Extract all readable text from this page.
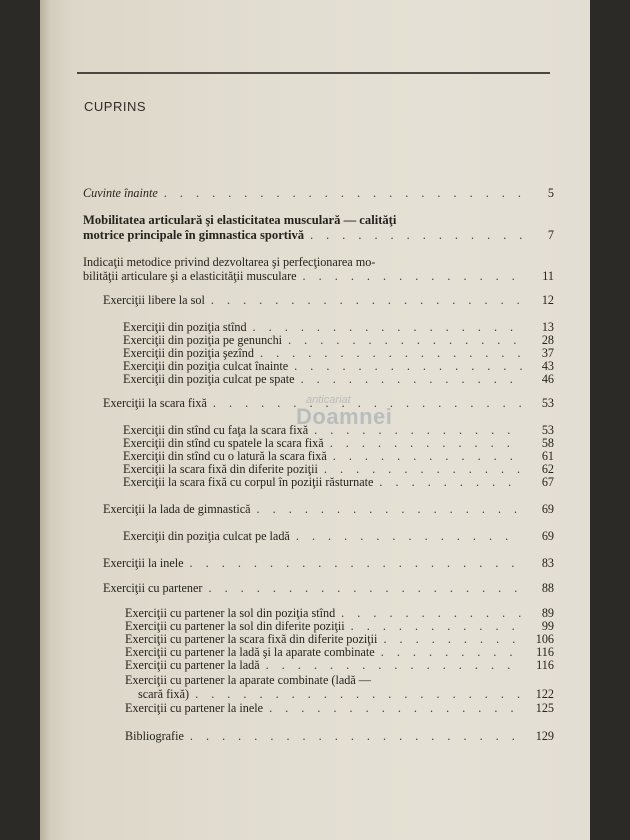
CUPRINS
Cuvinte înainte . . .	5
Mobilitatea articulară şi elasticitatea musculară — calităţi
motrice principale în gimnastica sportivă . . .	7
Indicaţii metodice privind dezvoltarea şi perfecţionarea mo-
bilităţii articulare şi a elasticităţii musculare . . .	11
Exerciţii libere la sol . . .	12
Exerciţii din poziţia stînd . . .	13
Exerciţii din poziţia pe genunchi . . .	28
Exerciţii din poziţia şezînd . . .	37
Exerciţii din poziţia culcat înainte . . .	43
Exerciţii din poziţia culcat pe spate . . .	46
Exerciţii la scara fixă . . .	53
Exerciţii din stînd cu faţa la scara fixă . . .	53
Exerciţii din stînd cu spatele la scara fixă . . .	58
Exerciţii din stînd cu o latură la scara fixă . . .	61
Exerciţii la scara fixă din diferite poziţii . . .	62
Exerciţii la scara fixă cu corpul în poziţii răsturnate . . .	67
Exerciţii la lada de gimnastică . . .	69
Exerciţii din poziţia culcat pe ladă . . .	69
Exerciţii la inele . . .	83
Exerciţii cu partener . . .	88
Exerciţii cu partener la sol din poziţia stînd . . .	89
Exerciţii cu partener la sol din diferite poziţii . . .	99
Exerciţii cu partener la scara fixă din diferite poziţii . . .	106
Exerciţii cu partener la ladă şi la aparate combinate . . .	116
Exerciţii cu partener la ladă . . .	116
Exerciţii cu partener la aparate combinate (ladă —
scară fixă) . . .	122
Exerciţii cu partener la inele . . .	125
Bibliografie . . .	129
anticariat
Doamnei
